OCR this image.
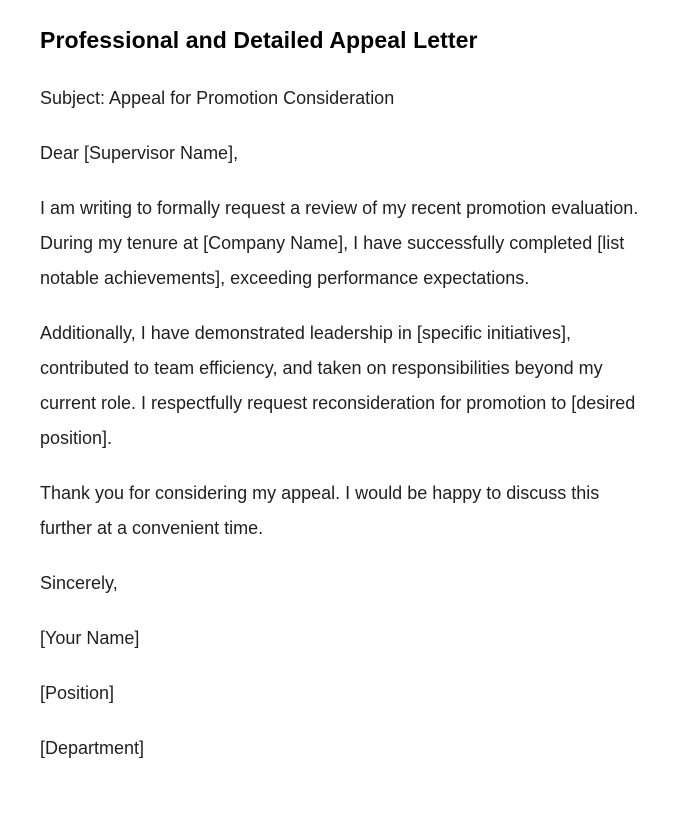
Professional and Detailed Appeal Letter

Subject: Appeal for Promotion Consideration

Dear [Supervisor Name],

I am writing to formally request a review of my recent promotion evaluation. During my tenure at [Company Name], I have successfully completed [list notable achievements], exceeding performance expectations.

Additionally, I have demonstrated leadership in [specific initiatives], contributed to team efficiency, and taken on responsibilities beyond my current role. I respectfully request reconsideration for promotion to [desired position].

Thank you for considering my appeal. I would be happy to discuss this further at a convenient time.

Sincerely,

[Your Name]

[Position]

[Department]
